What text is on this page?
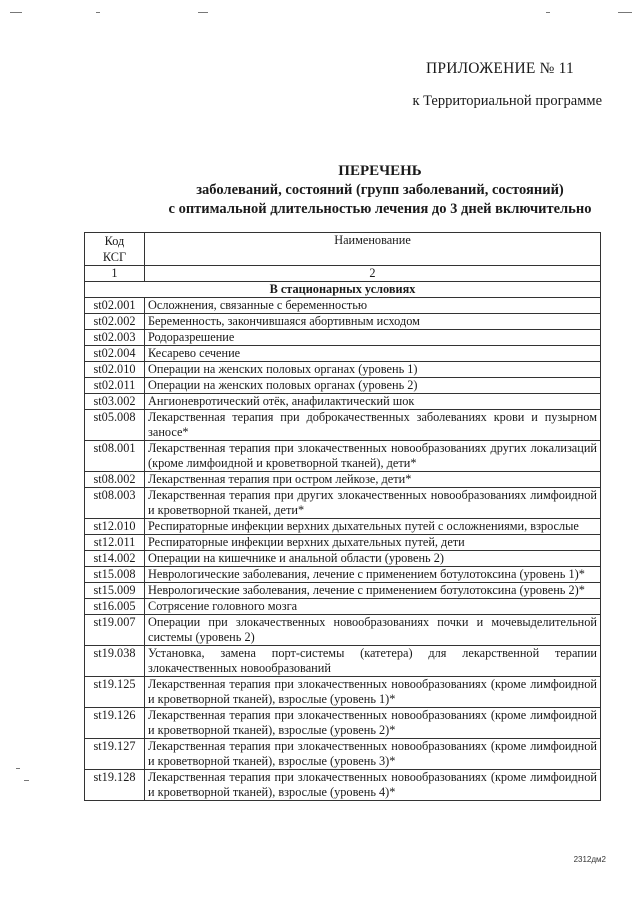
ПРИЛОЖЕНИЕ № 11
к Территориальной программе
ПЕРЕЧЕНЬ
заболеваний, состояний (групп заболеваний, состояний)
с оптимальной длительностью лечения до 3 дней включительно
Код
КСГ	Наименование
1	2
В стационарных условиях	
st02.001	Осложнения, связанные с беременностью
st02.002	Беременность, закончившаяся абортивным исходом
st02.003	Родоразрешение
st02.004	Кесарево сечение
st02.010	Операции на женских половых органах (уровень 1)
st02.011	Операции на женских половых органах (уровень 2)
st03.002	Ангионевротический отёк, анафилактический шок
st05.008	Лекарственная терапия при доброкачественных заболеваниях крови и пузырном заносе*
st08.001	Лекарственная терапия при злокачественных новообразованиях других локализаций (кроме лимфоидной и кроветворной тканей), дети*
st08.002	Лекарственная терапия при остром лейкозе, дети*
st08.003	Лекарственная терапия при других злокачественных новообразованиях лимфоидной и кроветворной тканей, дети*
st12.010	Респираторные инфекции верхних дыхательных путей с осложнениями, взрослые
st12.011	Респираторные инфекции верхних дыхательных путей, дети
st14.002	Операции на кишечнике и анальной области (уровень 2)
st15.008	Неврологические заболевания, лечение с применением ботулотоксина (уровень 1)*
st15.009	Неврологические заболевания, лечение с применением ботулотоксина (уровень 2)*
st16.005	Сотрясение головного мозга
st19.007	Операции при злокачественных новообразованиях почки и мочевыделительной системы (уровень 2)
st19.038	Установка, замена порт-системы (катетера) для лекарственной терапии злокачественных новообразований
st19.125	Лекарственная терапия при злокачественных новообразованиях (кроме лимфоидной и кроветворной тканей), взрослые (уровень 1)*
st19.126	Лекарственная терапия при злокачественных новообразованиях (кроме лимфоидной и кроветворной тканей), взрослые (уровень 2)*
st19.127	Лекарственная терапия при злокачественных новообразованиях (кроме лимфоидной и кроветворной тканей), взрослые (уровень 3)*
st19.128	Лекарственная терапия при злокачественных новообразованиях (кроме лимфоидной и кроветворной тканей), взрослые (уровень 4)*
2312дм2
